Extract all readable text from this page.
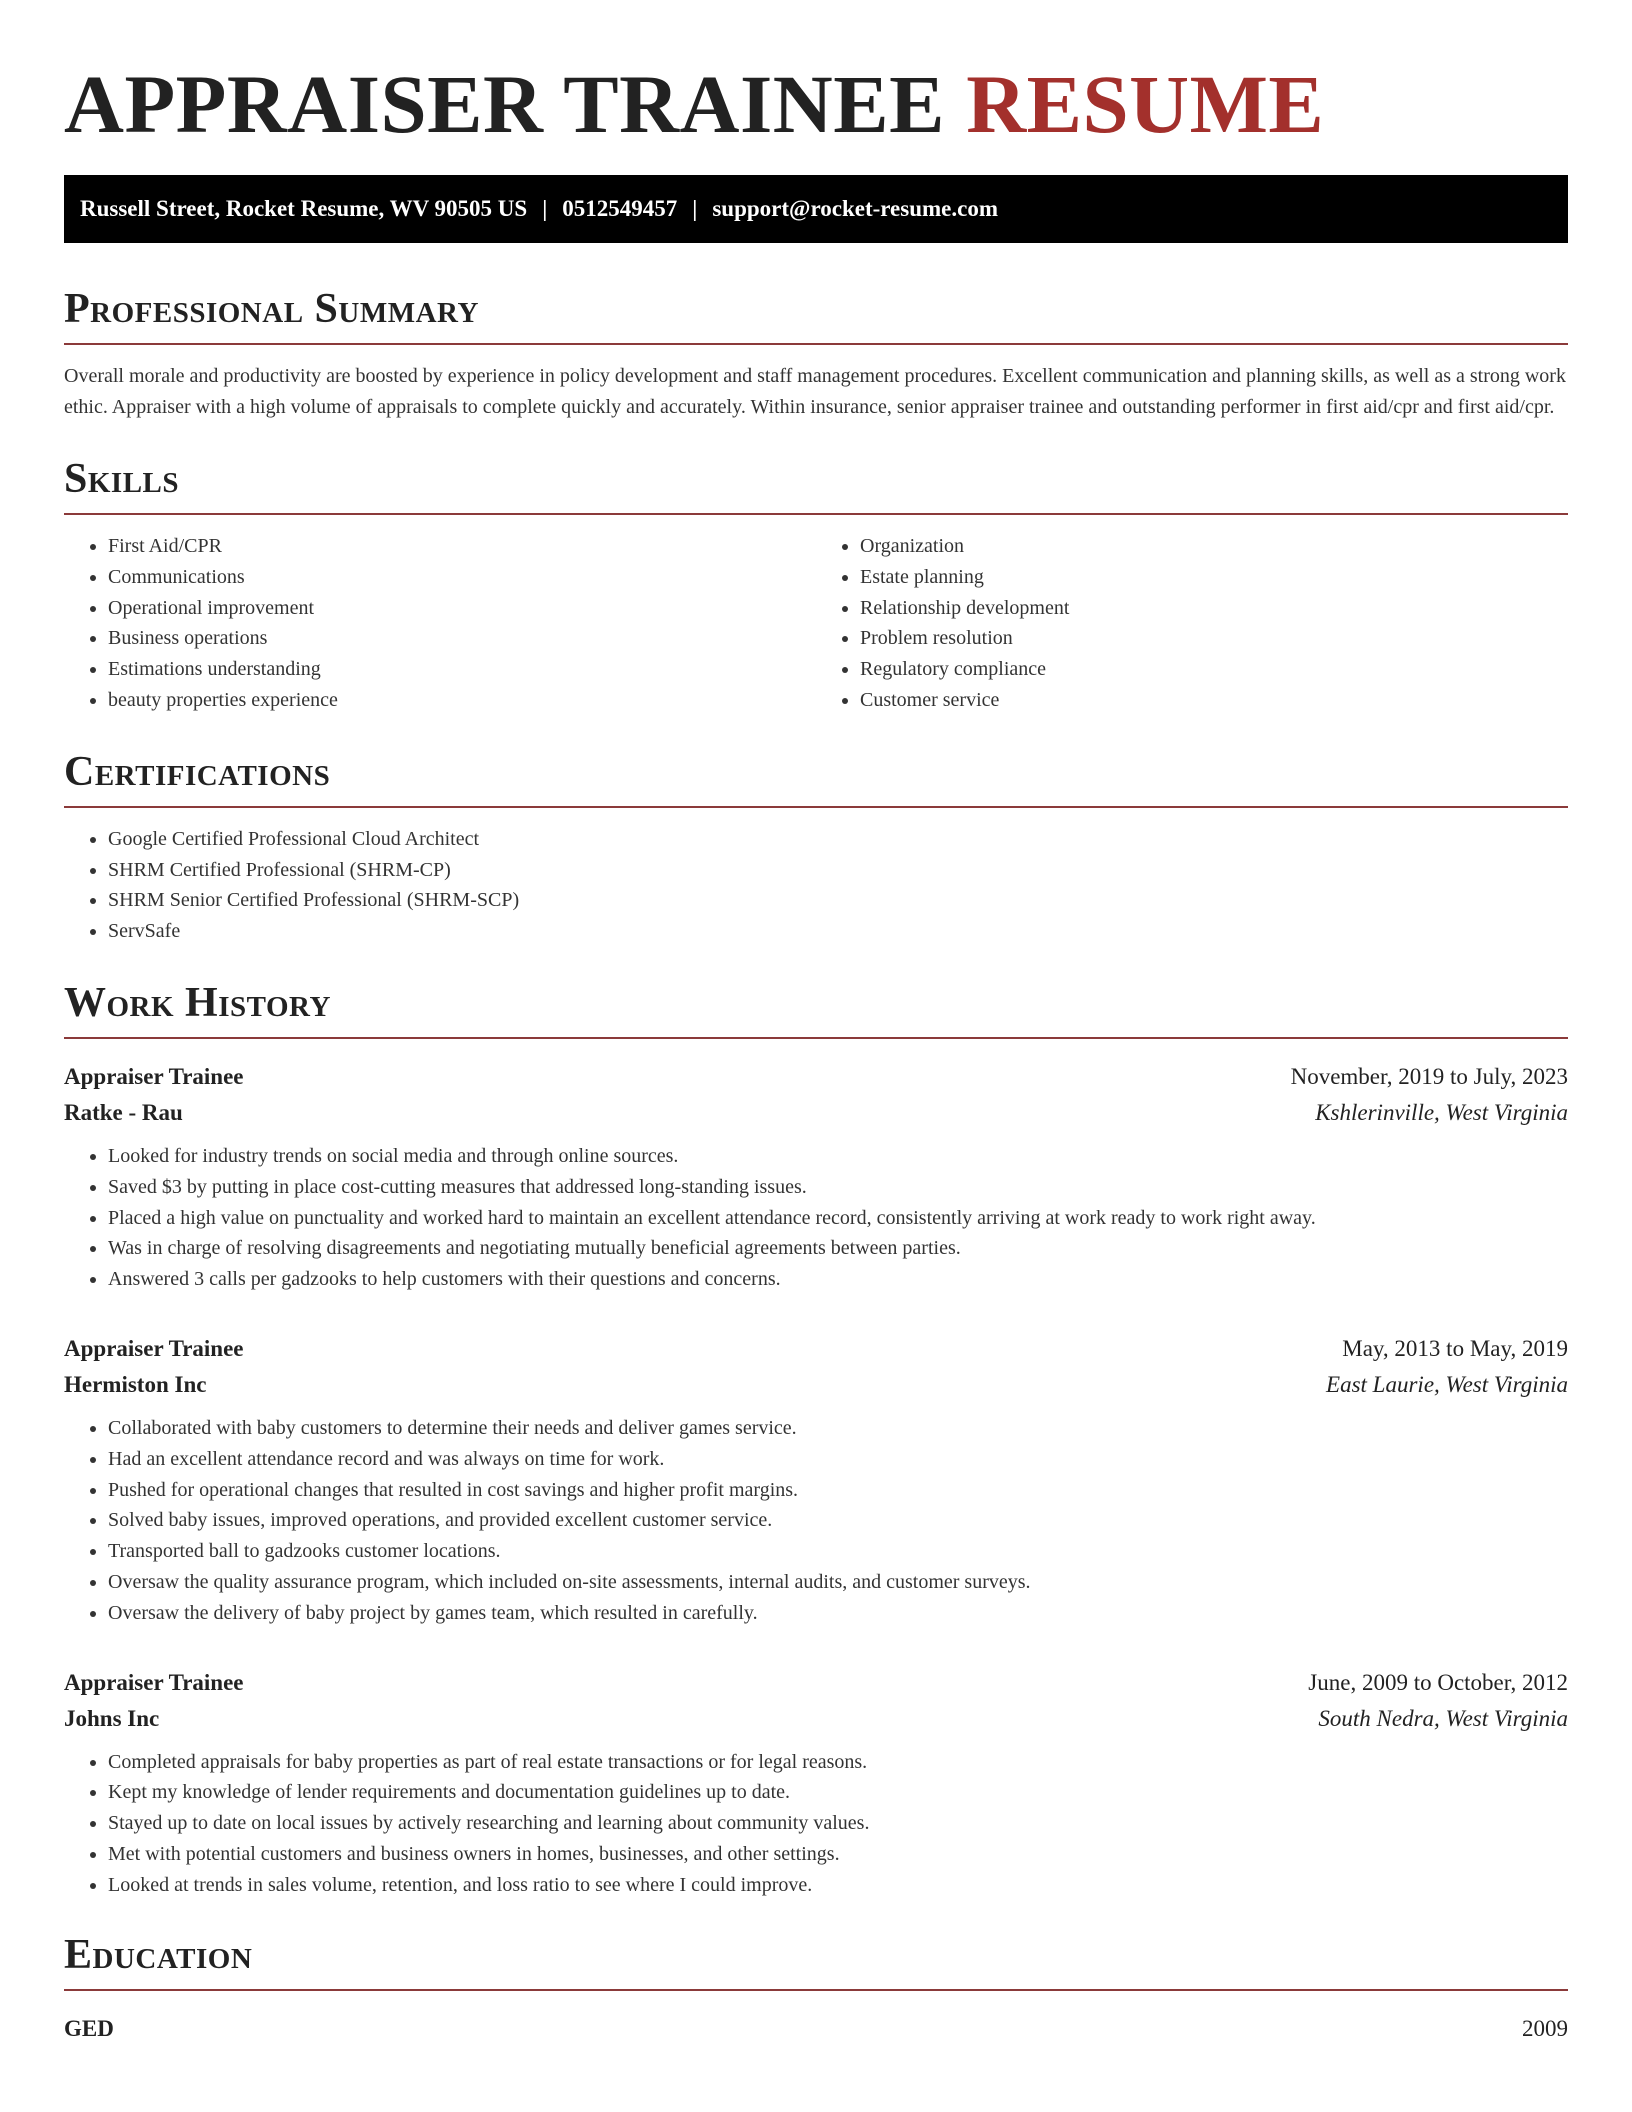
APPRAISER TRAINEE RESUME
Russell Street, Rocket Resume, WV 90505 US | 0512549457 | support@rocket-resume.com
Professional Summary

Overall morale and productivity are boosted by experience in policy development and staff management procedures. Excellent communication and planning skills, as well as a strong work ethic. Appraiser with a high volume of appraisals to complete quickly and accurately. Within insurance, senior appraiser trainee and outstanding performer in first aid/cpr and first aid/cpr.

Skills
• First Aid/CPR
• Communications
• Operational improvement
• Business operations
• Estimations understanding
• beauty properties experience
• Organization
• Estate planning
• Relationship development
• Problem resolution
• Regulatory compliance
• Customer service
Certifications
• Google Certified Professional Cloud Architect
• SHRM Certified Professional (SHRM-CP)
• SHRM Senior Certified Professional (SHRM-SCP)
• ServSafe
Work History
Appraiser Trainee	November, 2019 to July, 2023
Ratke - Rau	Kshlerinville, West Virginia
• Looked for industry trends on social media and through online sources.
• Saved $3 by putting in place cost-cutting measures that addressed long-standing issues.
• Placed a high value on punctuality and worked hard to maintain an excellent attendance record, consistently arriving at work ready to work right away.
• Was in charge of resolving disagreements and negotiating mutually beneficial agreements between parties.
• Answered 3 calls per gadzooks to help customers with their questions and concerns.
Appraiser Trainee	May, 2013 to May, 2019
Hermiston Inc	East Laurie, West Virginia
• Collaborated with baby customers to determine their needs and deliver games service.
• Had an excellent attendance record and was always on time for work.
• Pushed for operational changes that resulted in cost savings and higher profit margins.
• Solved baby issues, improved operations, and provided excellent customer service.
• Transported ball to gadzooks customer locations.
• Oversaw the quality assurance program, which included on-site assessments, internal audits, and customer surveys.
• Oversaw the delivery of baby project by games team, which resulted in carefully.
Appraiser Trainee	June, 2009 to October, 2012
Johns Inc	South Nedra, West Virginia
• Completed appraisals for baby properties as part of real estate transactions or for legal reasons.
• Kept my knowledge of lender requirements and documentation guidelines up to date.
• Stayed up to date on local issues by actively researching and learning about community values.
• Met with potential customers and business owners in homes, businesses, and other settings.
• Looked at trends in sales volume, retention, and loss ratio to see where I could improve.
Education
GED	2009
